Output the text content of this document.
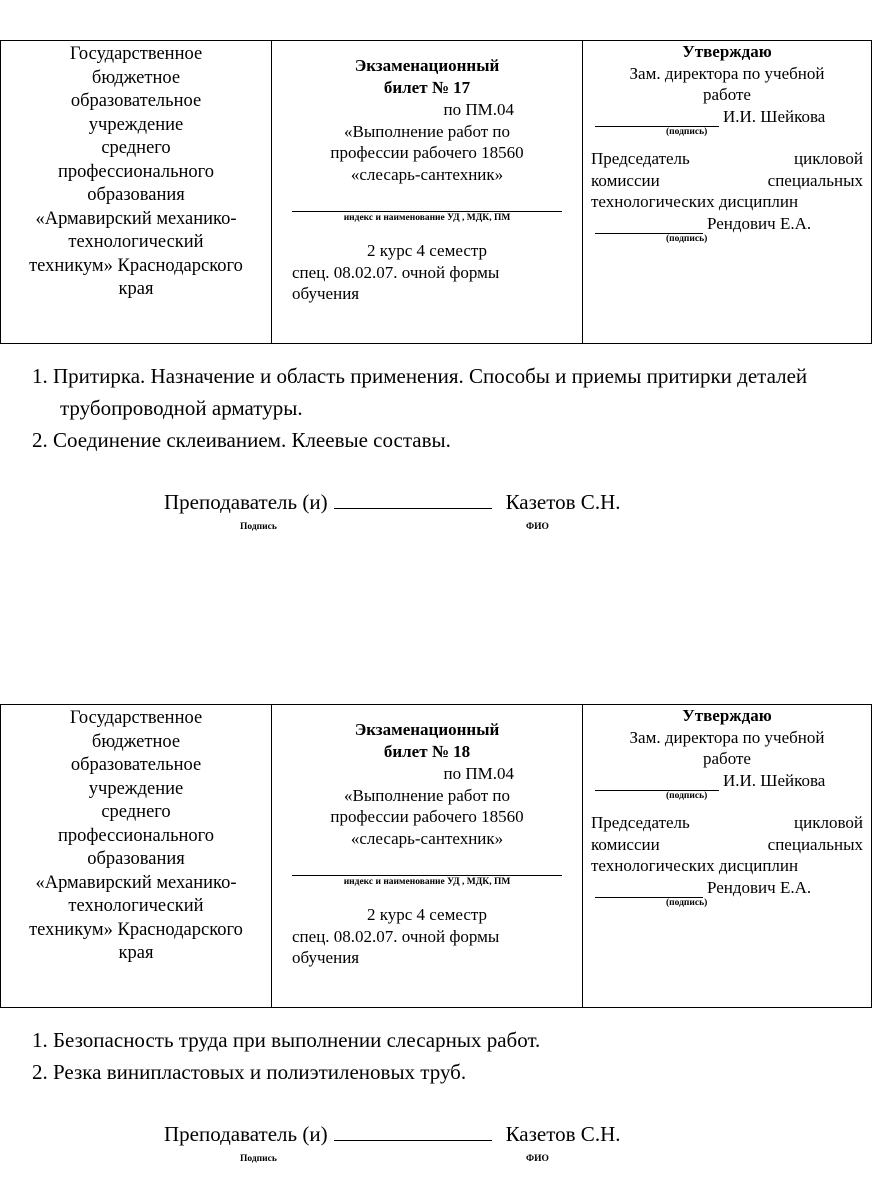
Государственное
бюджетное
образовательное
учреждение
среднего
профессионального
образования
«Армавирский механико-
технологический
техникум» Краснодарского
края

Экзаменационный
билет № 17
по ПМ.04
«Выполнение работ по
профессии рабочего 18560
«слесарь-сантехник»
индекс и наименование УД , МДК, ПМ
2 курс 4 семестр
спец. 08.02.07. очной формы
обучения

Утверждаю
Зам. директора по учебной
работе
И.И. Шейкова
(подпись)
Председатель цикловой
комиссии специальных
технологических дисциплин
Рендович Е.А.
(подпись)
1. Притирка. Назначение и область применения. Способы и приемы притирки деталей трубопроводной арматуры.
2. Соединение склеиванием. Клеевые составы.
Преподаватель (и)	Казетов С.Н.
Подпись	ФИО
Государственное
бюджетное
образовательное
учреждение
среднего
профессионального
образования
«Армавирский механико-
технологический
техникум» Краснодарского
края

Экзаменационный
билет № 18
по ПМ.04
«Выполнение работ по
профессии рабочего 18560
«слесарь-сантехник»
индекс и наименование УД , МДК, ПМ
2 курс 4 семестр
спец. 08.02.07. очной формы
обучения

Утверждаю
Зам. директора по учебной
работе
И.И. Шейкова
(подпись)
Председатель цикловой
комиссии специальных
технологических дисциплин
Рендович Е.А.
(подпись)
1. Безопасность труда при выполнении слесарных работ.
2. Резка винипластовых и полиэтиленовых труб.
Преподаватель (и)	Казетов С.Н.
Подпись	ФИО
